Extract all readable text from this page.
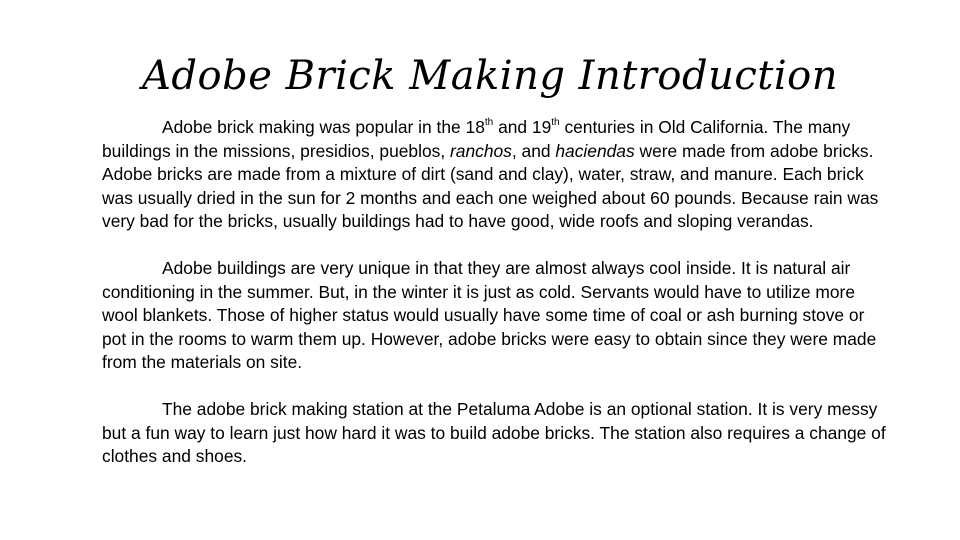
Adobe Brick Making Introduction

Adobe brick making was popular in the 18th and 19th centuries in Old California. The many buildings in the missions, presidios, pueblos, ranchos, and haciendas were made from adobe bricks. Adobe bricks are made from a mixture of dirt (sand and clay), water, straw, and manure. Each brick was usually dried in the sun for 2 months and each one weighed about 60 pounds. Because rain was very bad for the bricks, usually buildings had to have good, wide roofs and sloping verandas.

Adobe buildings are very unique in that they are almost always cool inside. It is natural air conditioning in the summer. But, in the winter it is just as cold. Servants would have to utilize more wool blankets. Those of higher status would usually have some time of coal or ash burning stove or pot in the rooms to warm them up. However, adobe bricks were easy to obtain since they were made from the materials on site.

The adobe brick making station at the Petaluma Adobe is an optional station. It is very messy but a fun way to learn just how hard it was to build adobe bricks. The station also requires a change of clothes and shoes.
